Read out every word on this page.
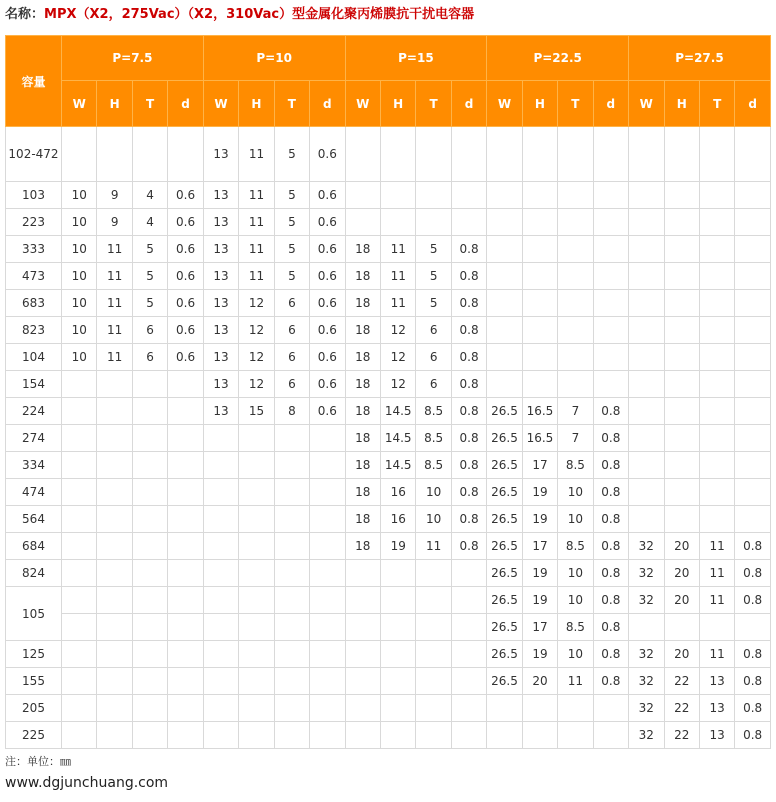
名称：MPX（X2，275Vac）（X2，310Vac）型金属化聚丙烯膜抗干扰电容器
容量	P=7.5				P=10				P=15				P=22.5				P=27.5			
	W	H	T	d	W	H	T	d	W	H	T	d	W	H	T	d	W	H	T	d
102-472					13	11	5	0.6												
103	10	9	4	0.6	13	11	5	0.6												
223	10	9	4	0.6	13	11	5	0.6												
333	10	11	5	0.6	13	11	5	0.6	18	11	5	0.8								
473	10	11	5	0.6	13	11	5	0.6	18	11	5	0.8								
683	10	11	5	0.6	13	12	6	0.6	18	11	5	0.8								
823	10	11	6	0.6	13	12	6	0.6	18	12	6	0.8								
104	10	11	6	0.6	13	12	6	0.6	18	12	6	0.8								
154					13	12	6	0.6	18	12	6	0.8								
224					13	15	8	0.6	18	14.5	8.5	0.8	26.5	16.5	7	0.8				
274									18	14.5	8.5	0.8	26.5	16.5	7	0.8				
334									18	14.5	8.5	0.8	26.5	17	8.5	0.8				
474									18	16	10	0.8	26.5	19	10	0.8				
564									18	16	10	0.8	26.5	19	10	0.8				
684									18	19	11	0.8	26.5	17	8.5	0.8	32	20	11	0.8
824													26.5	19	10	0.8	32	20	11	0.8
105													26.5	19	10	0.8	32	20	11	0.8
													26.5	17	8.5	0.8				
125													26.5	19	10	0.8	32	20	11	0.8
155													26.5	20	11	0.8	32	22	13	0.8
205																	32	22	13	0.8
225																	32	22	13	0.8
注：单位：㎜
www.dgjunchuang.com
